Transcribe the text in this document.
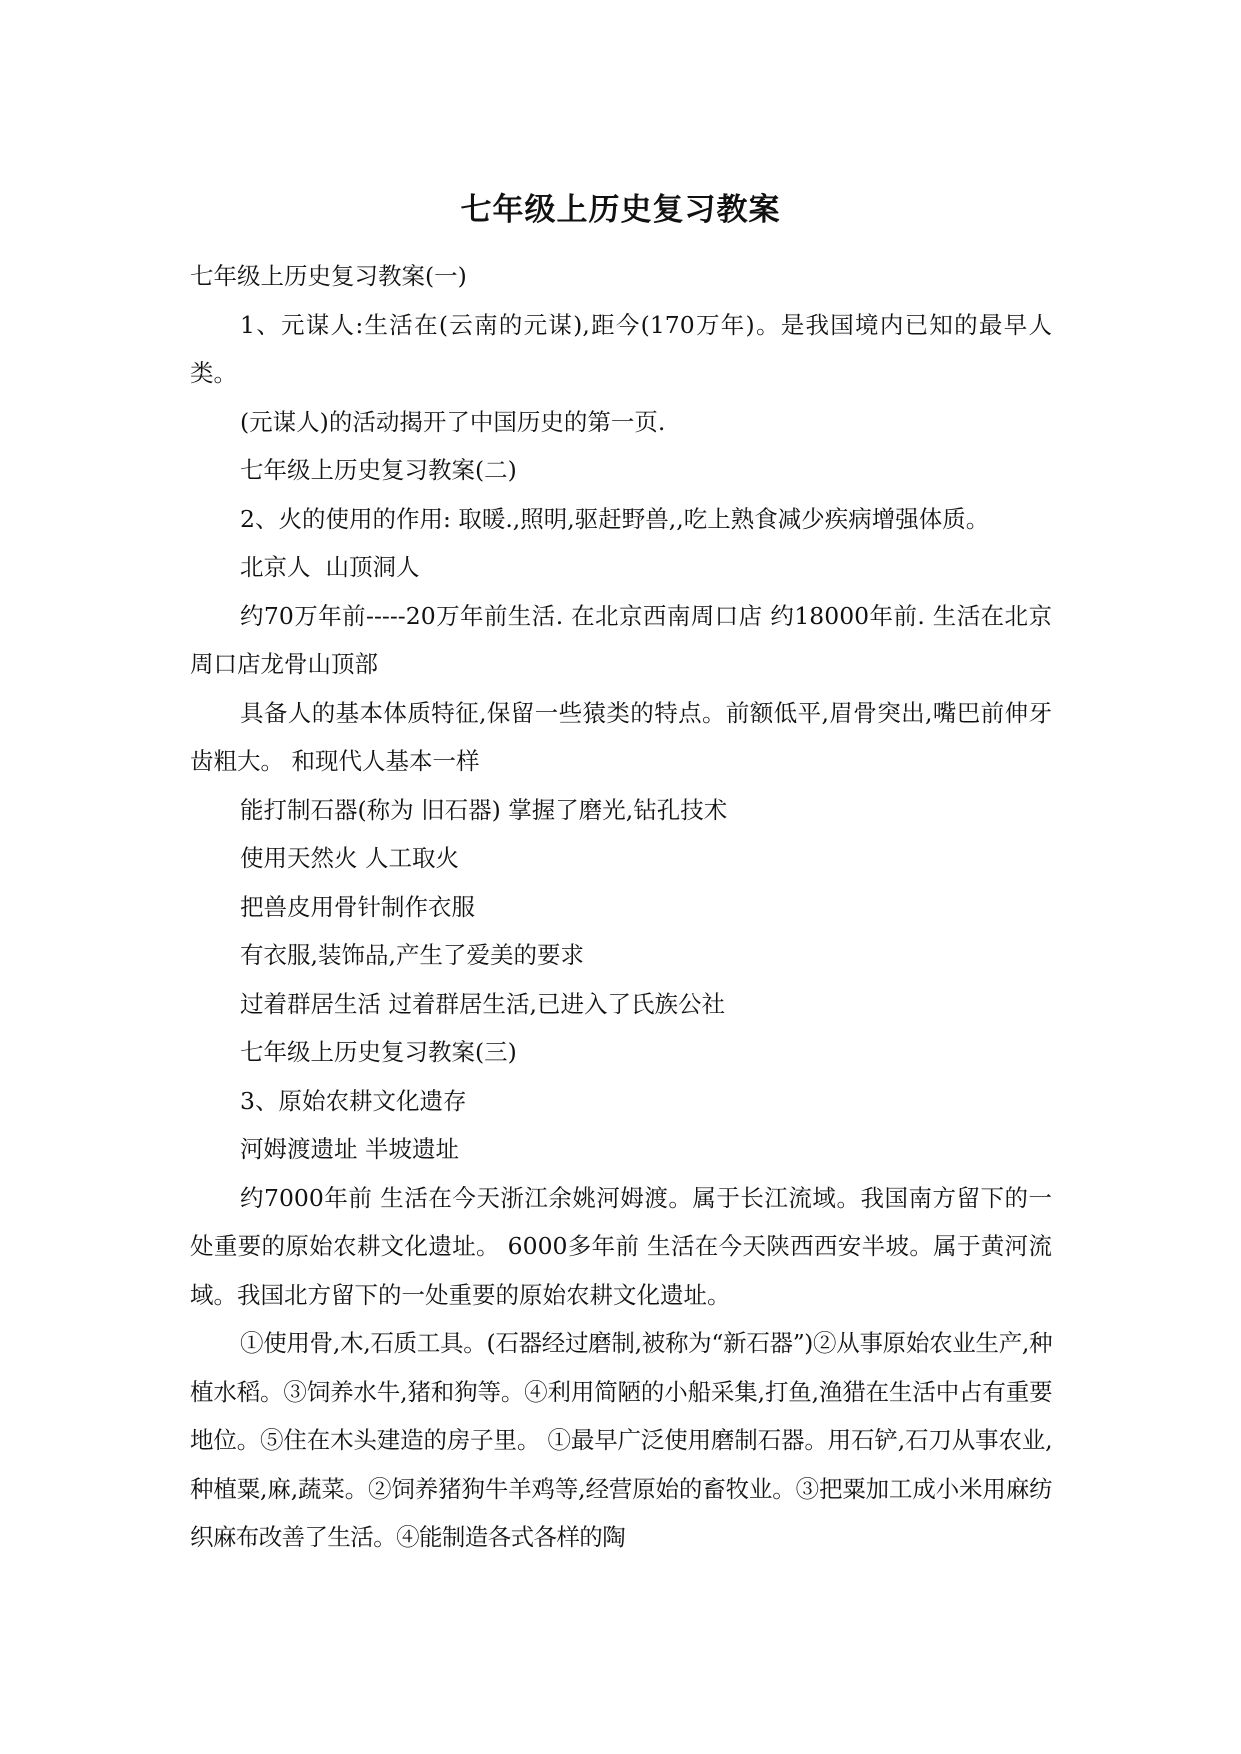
七年级上历史复习教案

七年级上历史复习教案(一)

1、元谋人:生活在(云南的元谋),距今(170万年)。是我国境内已知的最早人类。

(元谋人)的活动揭开了中国历史的第一页.

七年级上历史复习教案(二)

2、火的使用的作用: 取暖.,照明,驱赶野兽,,吃上熟食减少疾病增强体质。

北京人  山顶洞人

约70万年前-----20万年前生活. 在北京西南周口店 约18000年前. 生活在北京周口店龙骨山顶部

具备人的基本体质特征,保留一些猿类的特点。前额低平,眉骨突出,嘴巴前伸牙齿粗大。 和现代人基本一样

能打制石器(称为 旧石器) 掌握了磨光,钻孔技术

使用天然火 人工取火

把兽皮用骨针制作衣服

有衣服,装饰品,产生了爱美的要求

过着群居生活 过着群居生活,已进入了氏族公社

七年级上历史复习教案(三)

3、原始农耕文化遗存

河姆渡遗址 半坡遗址

约7000年前 生活在今天浙江余姚河姆渡。属于长江流域。我国南方留下的一处重要的原始农耕文化遗址。 6000多年前 生活在今天陕西西安半坡。属于黄河流域。我国北方留下的一处重要的原始农耕文化遗址。

①使用骨,木,石质工具。(石器经过磨制,被称为“新石器”)②从事原始农业生产,种植水稻。③饲养水牛,猪和狗等。④利用简陋的小船采集,打鱼,渔猎在生活中占有重要地位。⑤住在木头建造的房子里。 ①最早广泛使用磨制石器。用石铲,石刀从事农业,种植粟,麻,蔬菜。②饲养猪狗牛羊鸡等,经营原始的畜牧业。③把粟加工成小米用麻纺织麻布改善了生活。④能制造各式各样的陶
